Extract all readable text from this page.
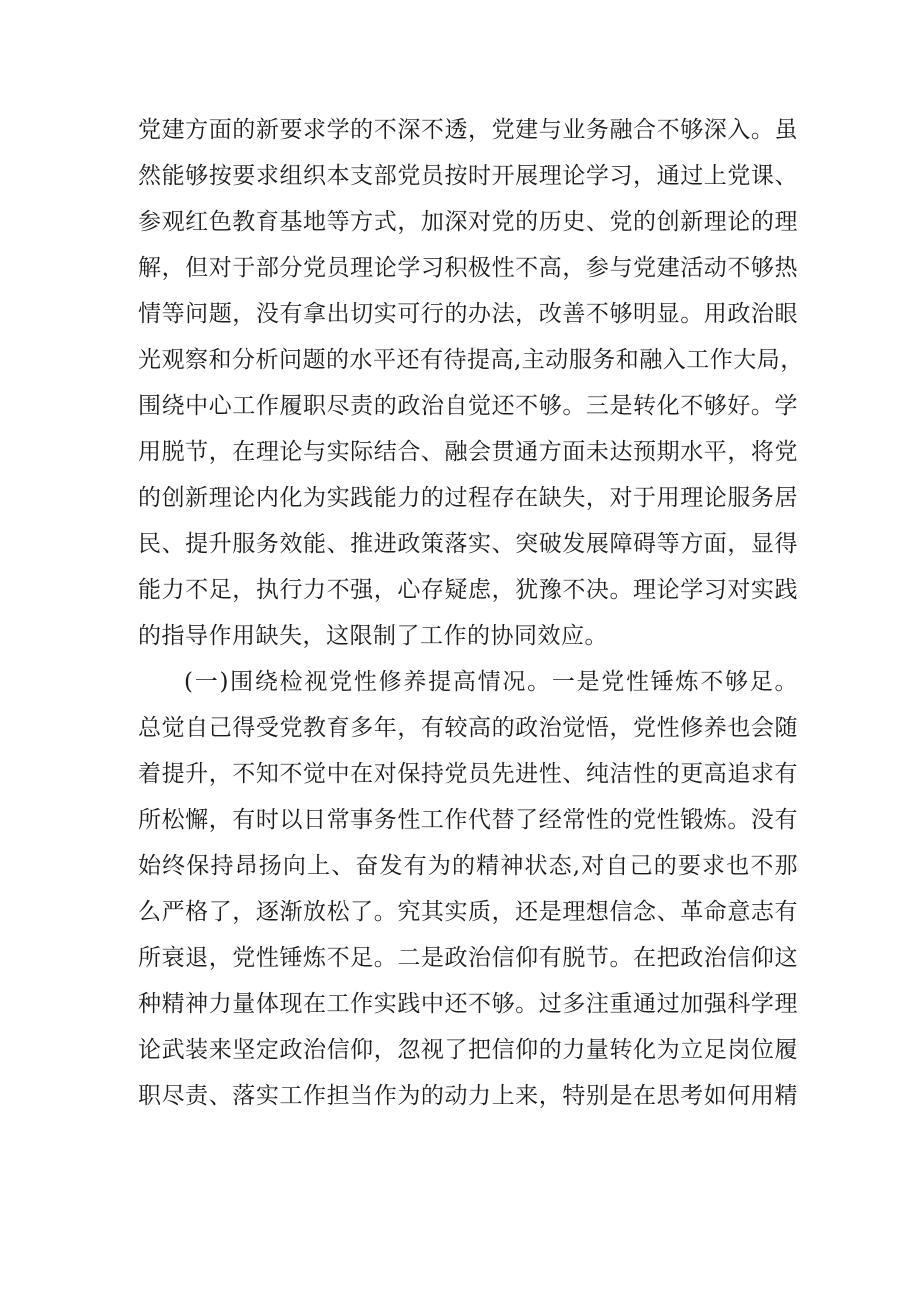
党建方面的新要求学的不深不透，党建与业务融合不够深入。虽
然能够按要求组织本支部党员按时开展理论学习，通过上党课、
参观红色教育基地等方式，加深对党的历史、党的创新理论的理
解，但对于部分党员理论学习积极性不高，参与党建活动不够热
情等问题，没有拿出切实可行的办法，改善不够明显。用政治眼
光观察和分析问题的水平还有待提高,主动服务和融入工作大局，
围绕中心工作履职尽责的政治自觉还不够。三是转化不够好。学
用脱节，在理论与实际结合、融会贯通方面未达预期水平，将党
的创新理论内化为实践能力的过程存在缺失，对于用理论服务居
民、提升服务效能、推进政策落实、突破发展障碍等方面，显得
能力不足，执行力不强，心存疑虑，犹豫不决。理论学习对实践
的指导作用缺失，这限制了工作的协同效应。
(一)围绕检视党性修养提高情况。一是党性锤炼不够足。
总觉自己得受党教育多年，有较高的政治觉悟，党性修养也会随
着提升，不知不觉中在对保持党员先进性、纯洁性的更高追求有
所松懈，有时以日常事务性工作代替了经常性的党性锻炼。没有
始终保持昂扬向上、奋发有为的精神状态,对自己的要求也不那
么严格了，逐渐放松了。究其实质，还是理想信念、革命意志有
所衰退，党性锤炼不足。二是政治信仰有脱节。在把政治信仰这
种精神力量体现在工作实践中还不够。过多注重通过加强科学理
论武装来坚定政治信仰，忽视了把信仰的力量转化为立足岗位履
职尽责、落实工作担当作为的动力上来，特别是在思考如何用精
